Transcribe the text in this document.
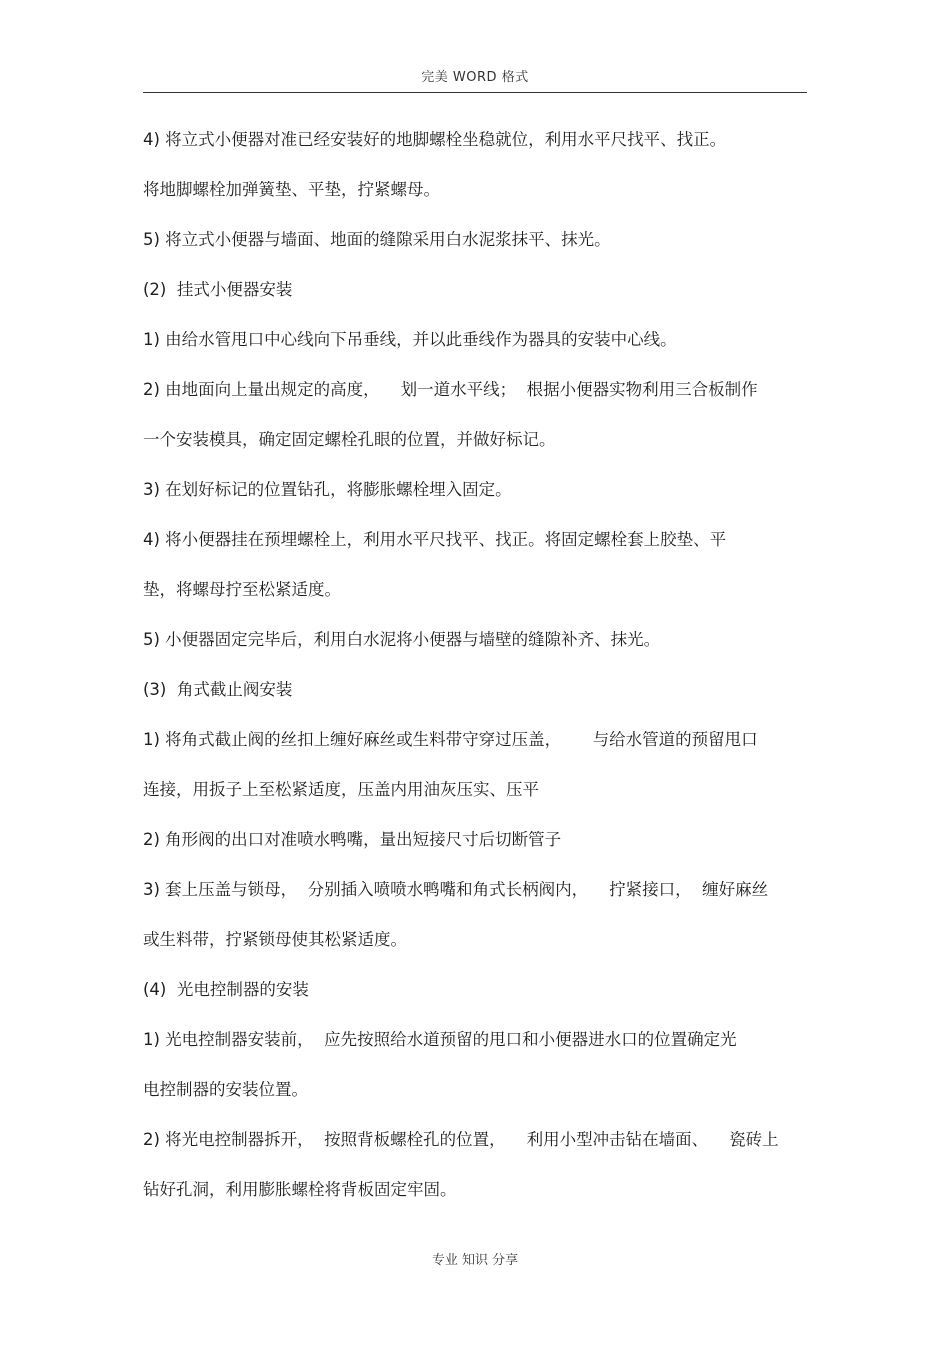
完美 WORD 格式
4) 将立式小便器对准已经安装好的地脚螺栓坐稳就位，利用水平尺找平、找正。
将地脚螺栓加弹簧垫、平垫，拧紧螺母。
5) 将立式小便器与墙面、地面的缝隙采用白水泥浆抹平、抹光。
(2)  挂式小便器安装
1) 由给水管甩口中心线向下吊垂线，并以此垂线作为器具的安装中心线。
2) 由地面向上量出规定的高度，    划一道水平线；  根据小便器实物利用三合板制作
一个安装模具，确定固定螺栓孔眼的位置，并做好标记。
3) 在划好标记的位置钻孔，将膨胀螺栓埋入固定。
4) 将小便器挂在预埋螺栓上，利用水平尺找平、找正。将固定螺栓套上胶垫、平
垫，将螺母拧至松紧适度。
5) 小便器固定完毕后，利用白水泥将小便器与墙壁的缝隙补齐、抹光。
(3)  角式截止阀安装
1) 将角式截止阀的丝扣上缠好麻丝或生料带守穿过压盖，      与给水管道的预留甩口
连接，用扳子上至松紧适度，压盖内用油灰压实、压平
2) 角形阀的出口对准喷水鸭嘴，量出短接尺寸后切断管子
3) 套上压盖与锁母，  分别插入喷喷水鸭嘴和角式长柄阀内，    拧紧接口，  缠好麻丝
或生料带，拧紧锁母使其松紧适度。
(4)  光电控制器的安装
1) 光电控制器安装前，  应先按照给水道预留的甩口和小便器进水口的位置确定光
电控制器的安装位置。
2) 将光电控制器拆开，  按照背板螺栓孔的位置，    利用小型冲击钻在墙面、    瓷砖上
钻好孔洞，利用膨胀螺栓将背板固定牢固。
专业 知识 分享
